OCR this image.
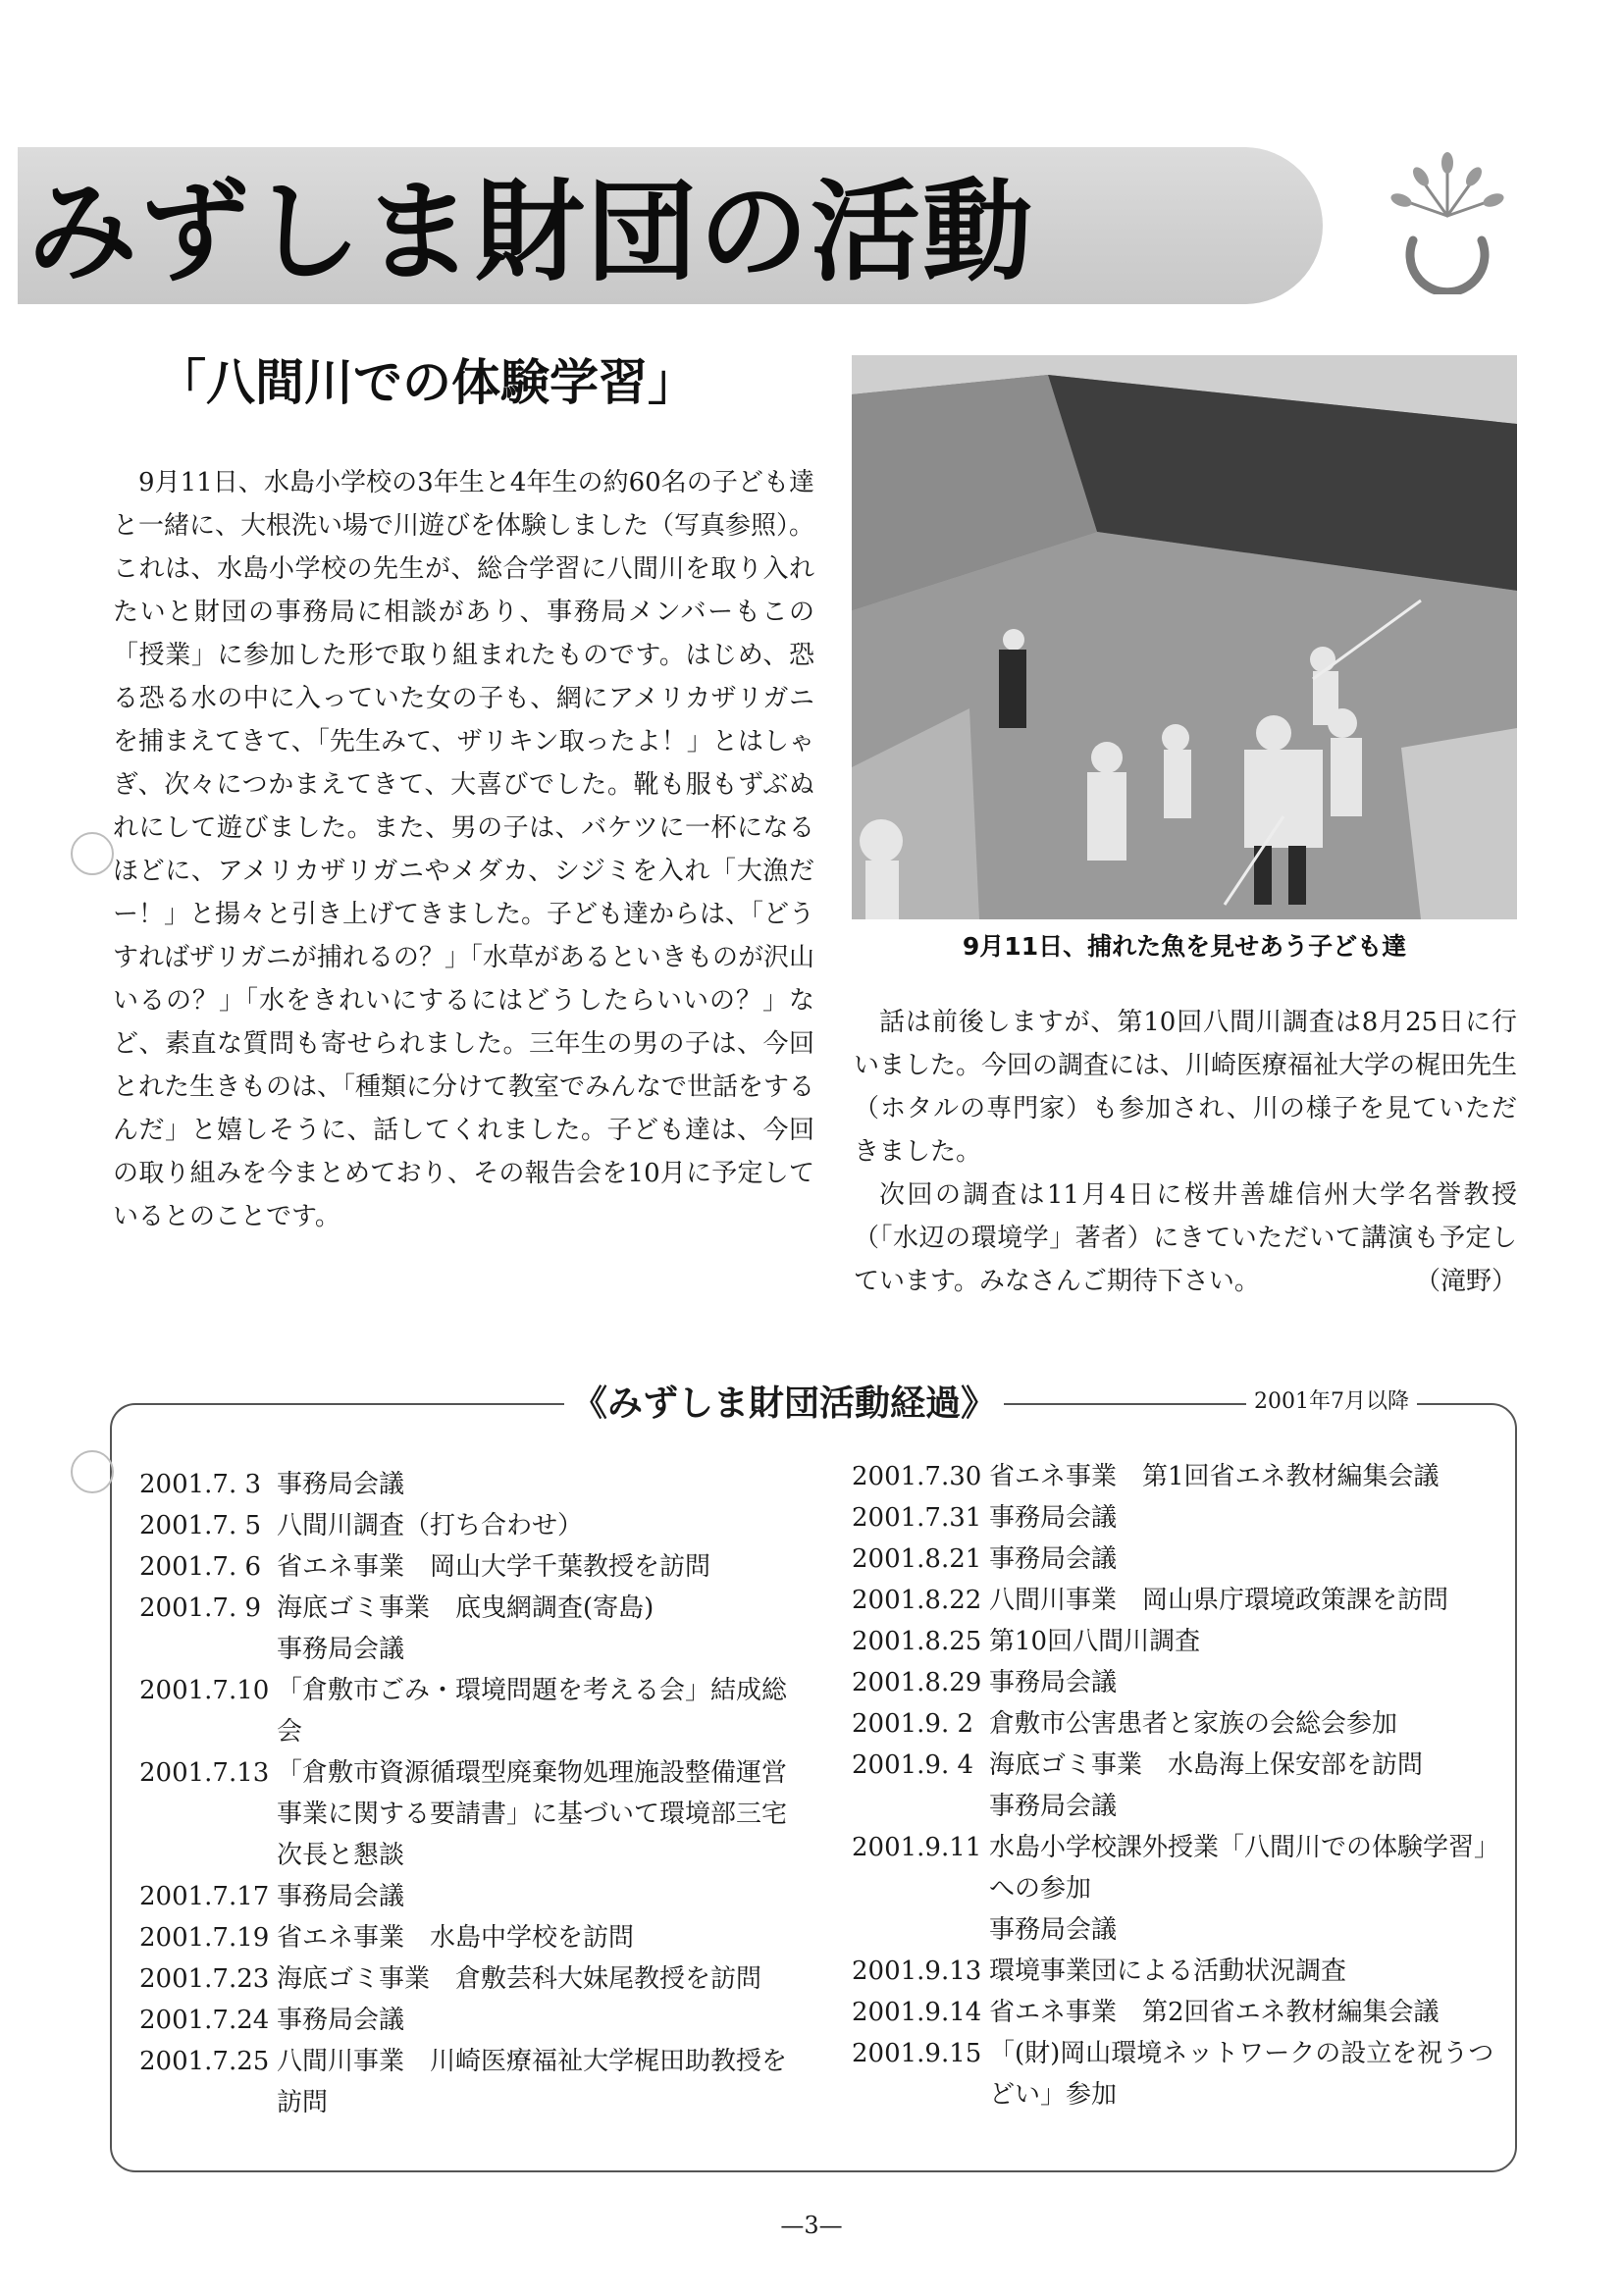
みずしま財団の活動
「八間川での体験学習」

9月11日、水島小学校の3年生と4年生の約60名の子ども達と一緒に、大根洗い場で川遊びを体験しました（写真参照）。これは、水島小学校の先生が、総合学習に八間川を取り入れたいと財団の事務局に相談があり、事務局メンバーもこの「授業」に参加した形で取り組まれたものです。はじめ、恐る恐る水の中に入っていた女の子も、網にアメリカザリガニを捕まえてきて、「先生みて、ザリキン取ったよ！」とはしゃぎ、次々につかまえてきて、大喜びでした。靴も服もずぶぬれにして遊びました。また、男の子は、バケツに一杯になるほどに、アメリカザリガニやメダカ、シジミを入れ「大漁だー！」と揚々と引き上げてきました。子ども達からは、「どうすればザリガニが捕れるの？」「水草があるといきものが沢山いるの？」「水をきれいにするにはどうしたらいいの？」など、素直な質問も寄せられました。三年生の男の子は、今回とれた生きものは、「種類に分けて教室でみんなで世話をするんだ」と嬉しそうに、話してくれました。子ども達は、今回の取り組みを今まとめており、その報告会を10月に予定しているとのことです。

9月11日、捕れた魚を見せあう子ども達

話は前後しますが、第10回八間川調査は8月25日に行いました。今回の調査には、川崎医療福祉大学の梶田先生（ホタルの専門家）も参加され、川の様子を見ていただきました。

次回の調査は11月4日に桜井善雄信州大学名誉教授（「水辺の環境学」著者）にきていただいて講演も予定しています。みなさんご期待下さい。	（滝野）
《みずしま財団活動経過》	2001年7月以降
2001.7. 3 事務局会議
2001.7. 5 八間川調査（打ち合わせ）
2001.7. 6 省エネ事業　岡山大学千葉教授を訪問
2001.7. 9 海底ゴミ事業　底曳網調査(寄島)
事務局会議
2001.7.10 「倉敷市ごみ・環境問題を考える会」結成総会
2001.7.13 「倉敷市資源循環型廃棄物処理施設整備運営事業に関する要請書」に基づいて環境部三宅次長と懇談
2001.7.17 事務局会議
2001.7.19 省エネ事業　水島中学校を訪問
2001.7.23 海底ゴミ事業　倉敷芸科大妹尾教授を訪問
2001.7.24 事務局会議
2001.7.25 八間川事業　川崎医療福祉大学梶田助教授を訪問
2001.7.30 省エネ事業　第1回省エネ教材編集会議
2001.7.31 事務局会議
2001.8.21 事務局会議
2001.8.22 八間川事業　岡山県庁環境政策課を訪問
2001.8.25 第10回八間川調査
2001.8.29 事務局会議
2001.9. 2 倉敷市公害患者と家族の会総会参加
2001.9. 4 海底ゴミ事業　水島海上保安部を訪問
事務局会議
2001.9.11 水島小学校課外授業「八間川での体験学習」への参加
事務局会議
2001.9.13 環境事業団による活動状況調査
2001.9.14 省エネ事業　第2回省エネ教材編集会議
2001.9.15 「(財)岡山環境ネットワークの設立を祝うつどい」参加
—3—
